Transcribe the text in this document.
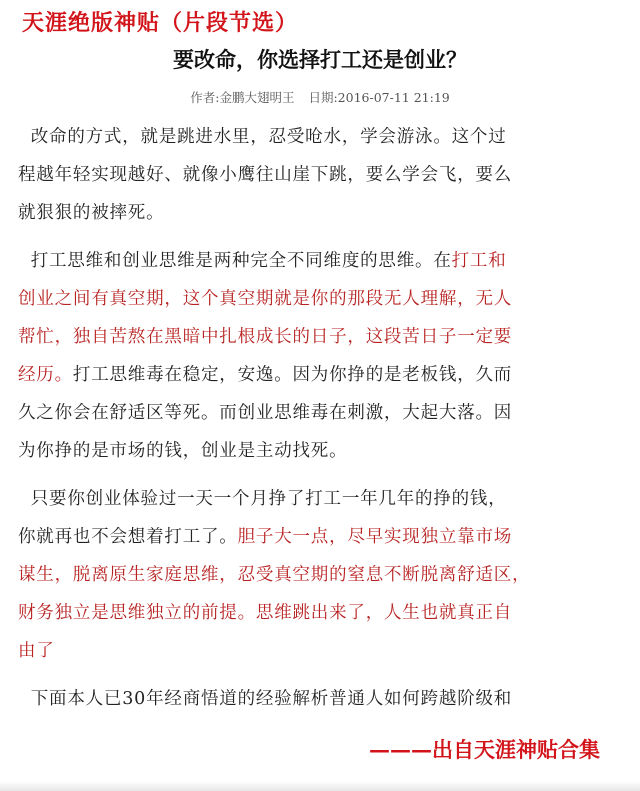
天涯绝版神贴（片段节选）
要改命，你选择打工还是创业？
作者:金鹏大翅明王 日期:2016-07-11 21:19
改命的方式，就是跳进水里，忍受呛水，学会游泳。这个过
程越年轻实现越好、就像小鹰往山崖下跳，要么学会飞，要么
就狠狠的被摔死。
打工思维和创业思维是两种完全不同维度的思维。在打工和
创业之间有真空期，这个真空期就是你的那段无人理解，无人
帮忙，独自苦熬在黑暗中扎根成长的日子，这段苦日子一定要
经历。打工思维毒在稳定，安逸。因为你挣的是老板钱，久而
久之你会在舒适区等死。而创业思维毒在刺激，大起大落。因
为你挣的是市场的钱，创业是主动找死。
只要你创业体验过一天一个月挣了打工一年几年的挣的钱，
你就再也不会想着打工了。胆子大一点，尽早实现独立靠市场
谋生，脱离原生家庭思维，忍受真空期的窒息不断脱离舒适区，
财务独立是思维独立的前提。思维跳出来了，人生也就真正自
由了
下面本人已30年经商悟道的经验解析普通人如何跨越阶级和
———出自天涯神贴合集
